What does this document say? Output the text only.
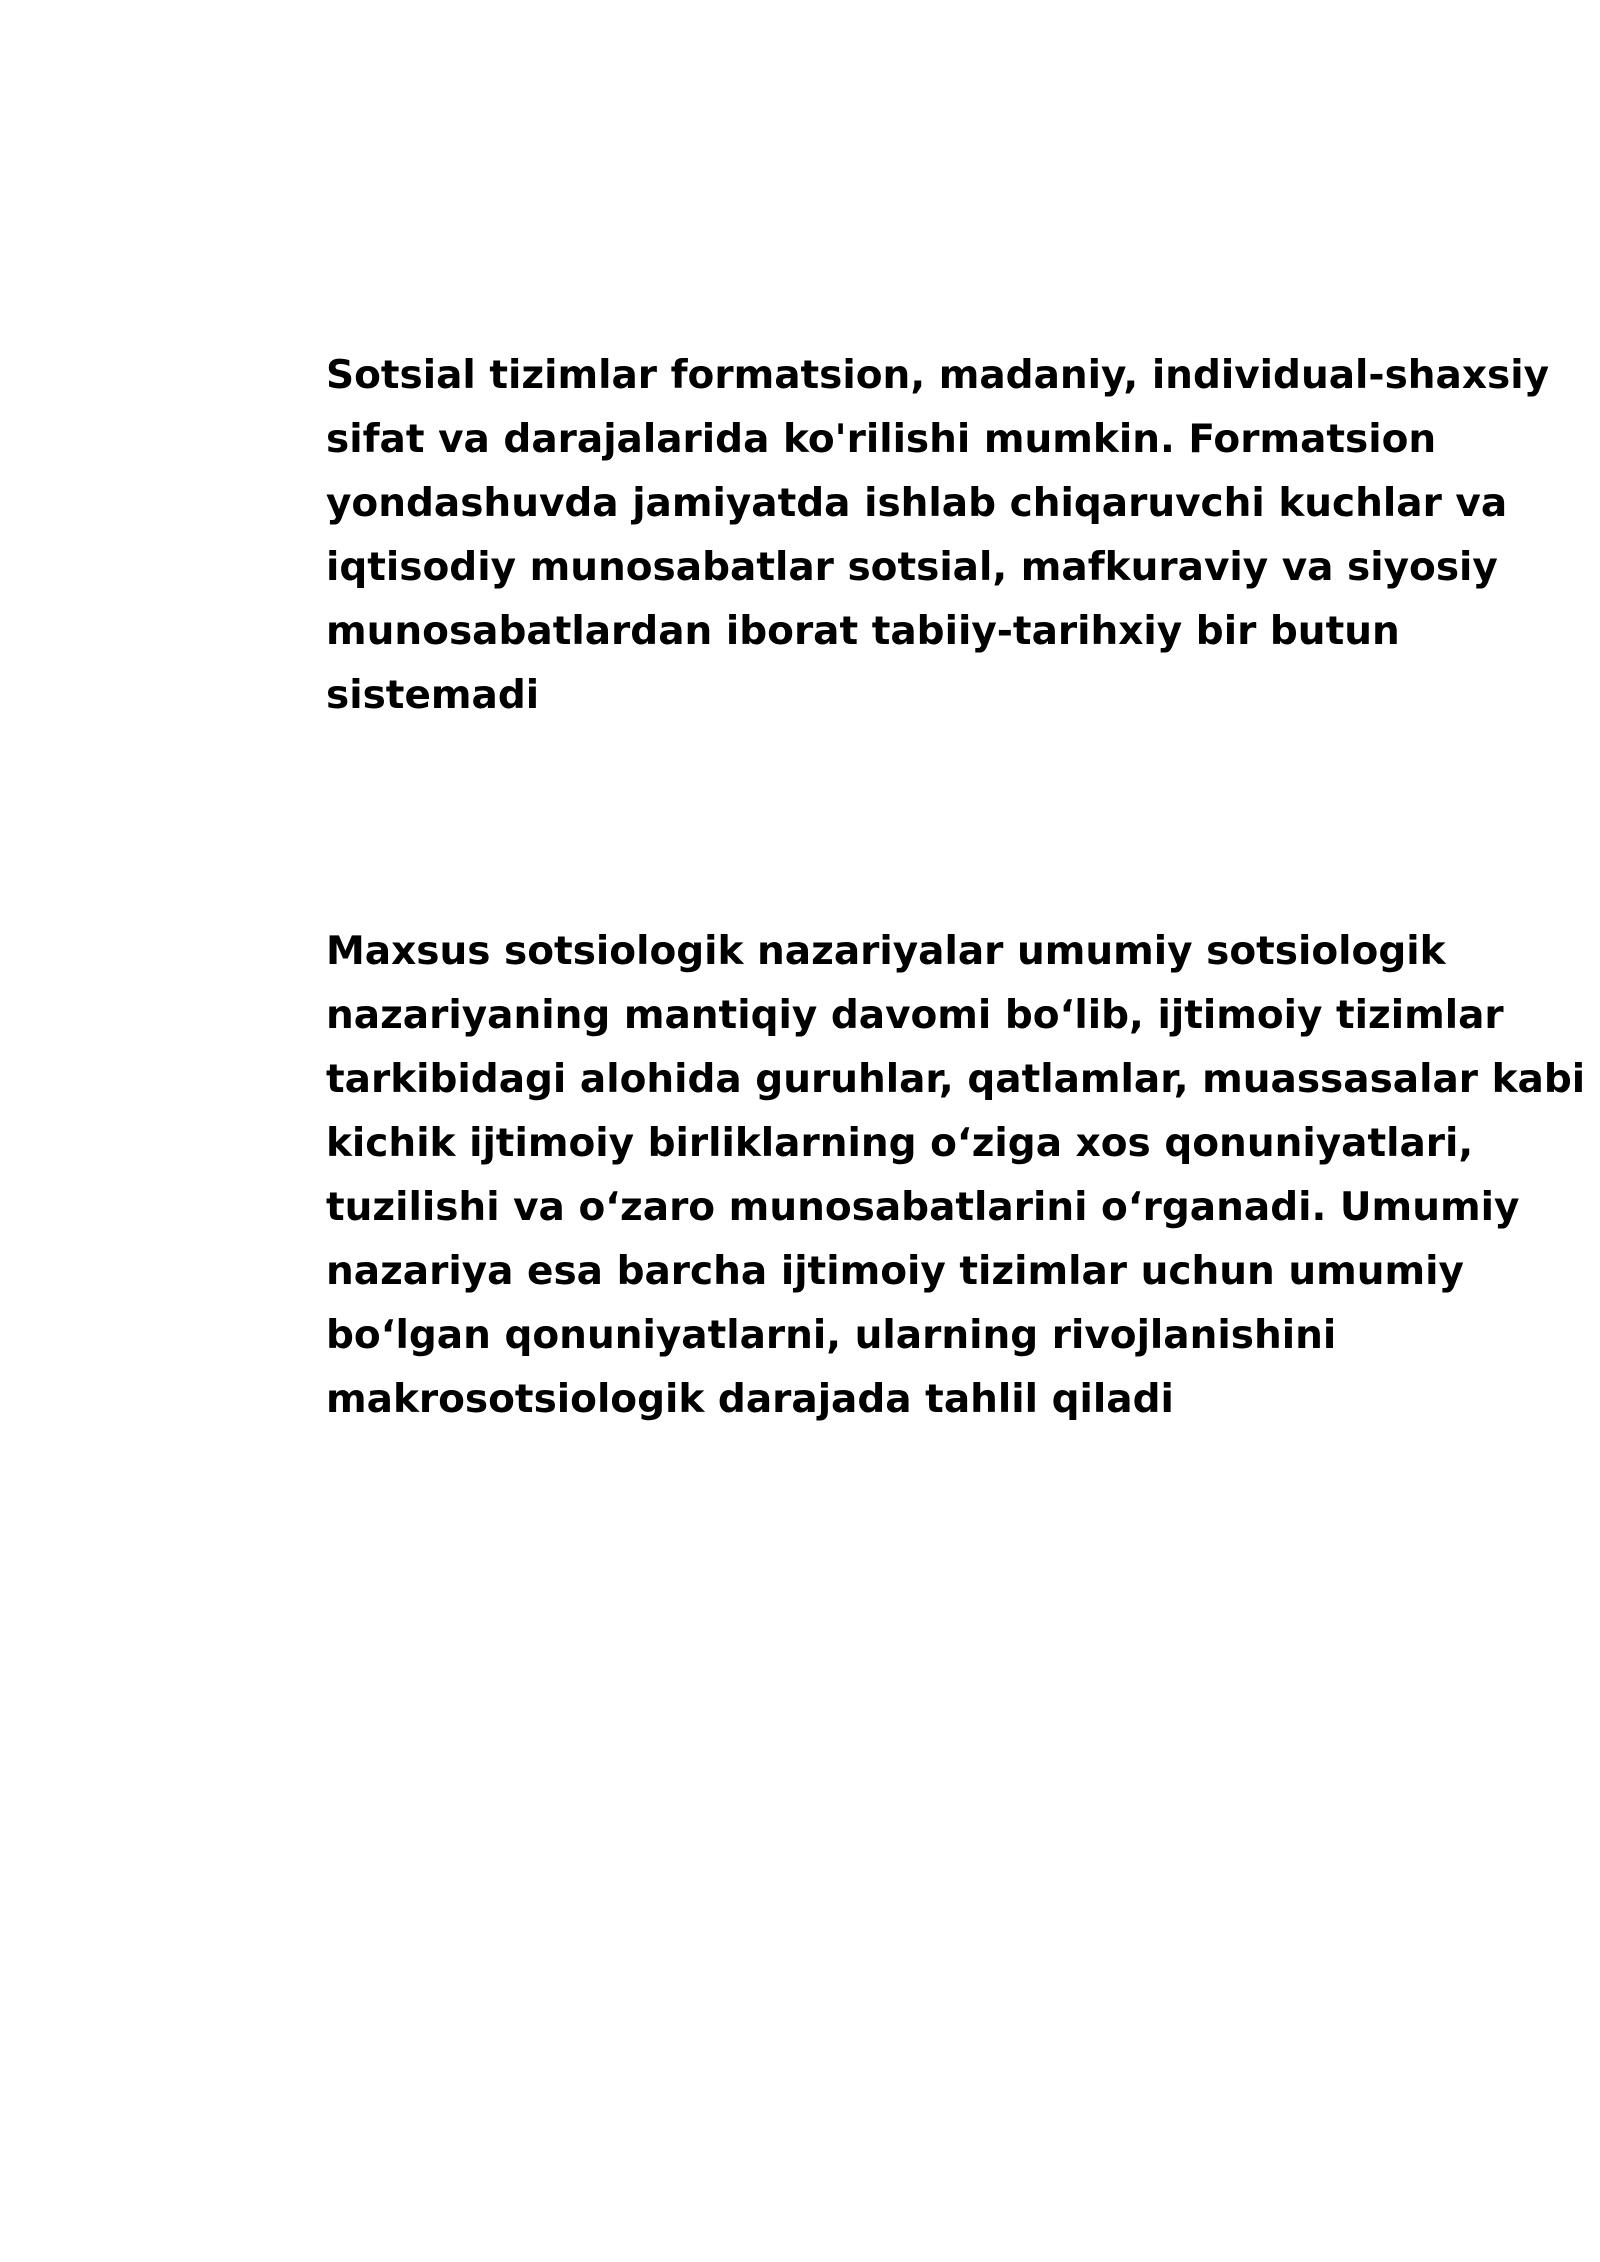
Sotsial tizimlar formatsion, madaniy, individual-shaxsiy
sifat va darajalarida ko'rilishi mumkin. Formatsion
yondashuvda jamiyatda ishlab chiqaruvchi kuchlar va
iqtisodiy munosabatlar sotsial, mafkuraviy va siyosiy
munosabatlardan iborat tabiiy-tarihxiy bir butun
sistemadi

Maxsus sotsiologik nazariyalar umumiy sotsiologik
nazariyaning mantiqiy davomi bo‘lib, ijtimoiy tizimlar
tarkibidagi alohida guruhlar, qatlamlar, muassasalar kabi
kichik ijtimoiy birliklarning o‘ziga xos qonuniyatlari,
tuzilishi va o‘zaro munosabatlarini o‘rganadi. Umumiy
nazariya esa barcha ijtimoiy tizimlar uchun umumiy
bo‘lgan qonuniyatlarni, ularning rivojlanishini
makrosotsiologik darajada tahlil qiladi
